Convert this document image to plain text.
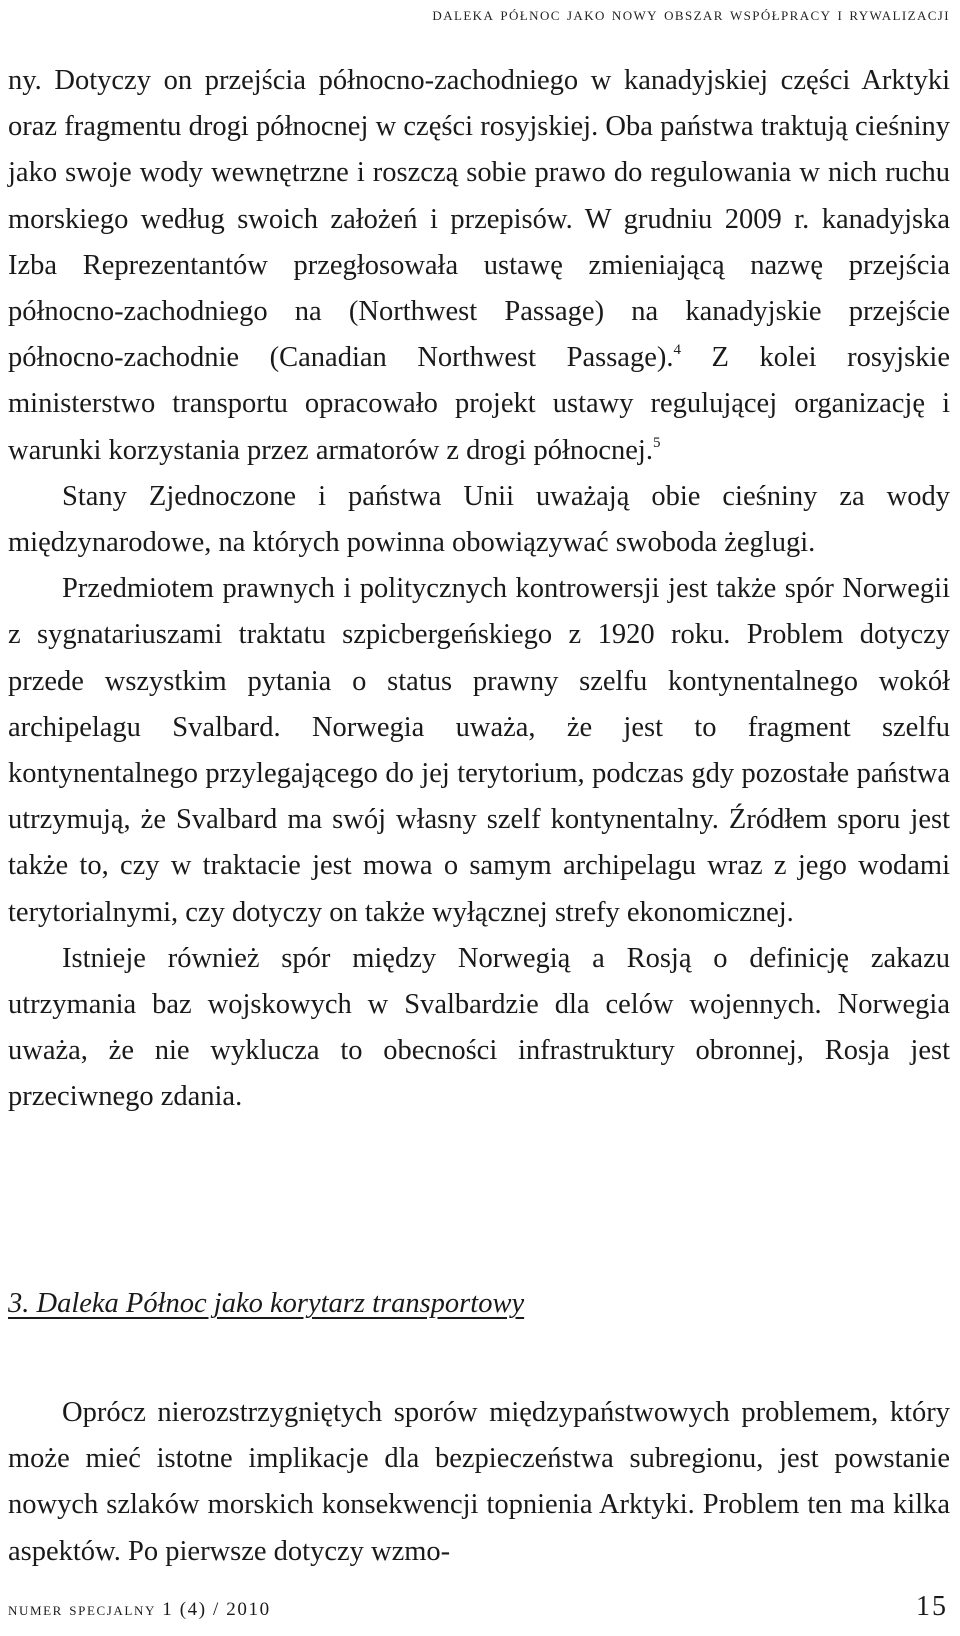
daleka północ jako nowy obszar współpracy i rywalizacji

ny. Dotyczy on przejścia północno-zachodniego w kanadyjskiej części Arktyki oraz fragmentu drogi północnej w części rosyjskiej. Oba państwa traktują cieśniny jako swoje wody wewnętrzne i roszczą sobie prawo do regulowania w nich ruchu morskiego według swoich założeń i przepisów. W grudniu 2009 r. kanadyjska Izba Reprezentantów przegłosowała ustawę zmieniającą nazwę przejścia północno-zachodniego na (Northwest Passage) na kanadyjskie przejście północno-zachodnie (Canadian Northwest Passage).$^4$ Z kolei rosyjskie ministerstwo transportu opracowało projekt ustawy regulującej organizację i warunki korzystania przez armatorów z drogi północnej.$^5$

Stany Zjednoczone i państwa Unii uważają obie cieśniny za wody międzynarodowe, na których powinna obowiązywać swoboda żeglugi.

Przedmiotem prawnych i politycznych kontrowersji jest także spór Norwegii z sygnatariuszami traktatu szpicbergeńskiego z 1920 roku. Problem dotyczy przede wszystkim pytania o status prawny szelfu kontynentalnego wokół archipelagu Svalbard. Norwegia uważa, że jest to fragment szelfu kontynentalnego przylegającego do jej terytorium, podczas gdy pozostałe państwa utrzymują, że Svalbard ma swój własny szelf kontynentalny. Źródłem sporu jest także to, czy w traktacie jest mowa o samym archipelagu wraz z jego wodami terytorialnymi, czy dotyczy on także wyłącznej strefy ekonomicznej.

Istnieje również spór między Norwegią a Rosją o definicję zakazu utrzymania baz wojskowych w Svalbardzie dla celów wojennych. Norwegia uważa, że nie wyklucza to obecności infrastruktury obronnej, Rosja jest przeciwnego zdania.

3. Daleka Północ jako korytarz transportowy

Oprócz nierozstrzygniętych sporów międzypaństwowych problemem, który może mieć istotne implikacje dla bezpieczeństwa subregionu, jest powstanie nowych szlaków morskich konsekwencji topnienia Arktyki. Problem ten ma kilka aspektów. Po pierwsze dotyczy wzmo-

numer specjalny 1 (4) / 2010	15
